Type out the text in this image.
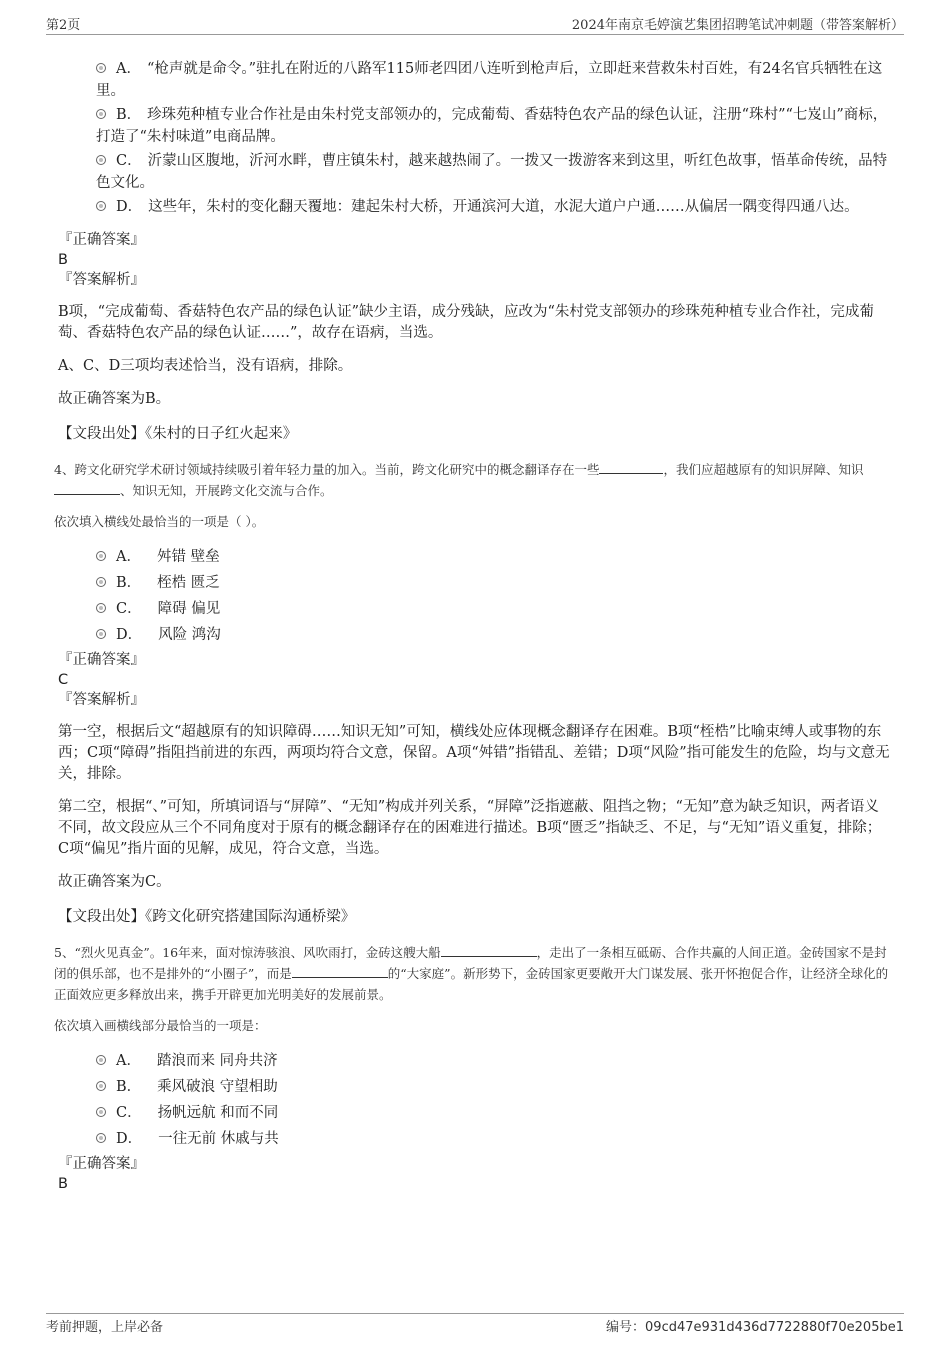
第2页	2024年南京毛婷演艺集团招聘笔试冲刺题（带答案解析）
A． “枪声就是命令。”驻扎在附近的八路军115师老四团八连听到枪声后，立即赶来营救朱村百姓，有24名官兵牺牲在这里。
B． 珍珠苑种植专业合作社是由朱村党支部领办的，完成葡萄、香菇特色农产品的绿色认证，注册“珠村”“七岌山”商标，打造了“朱村味道”电商品牌。
C． 沂蒙山区腹地，沂河水畔，曹庄镇朱村，越来越热闹了。一拨又一拨游客来到这里，听红色故事，悟革命传统，品特色文化。
D． 这些年，朱村的变化翻天覆地：建起朱村大桥，开通滨河大道，水泥大道户户通……从偏居一隅变得四通八达。
『正确答案』
B
『答案解析』
B项，“完成葡萄、香菇特色农产品的绿色认证”缺少主语，成分残缺，应改为“朱村党支部领办的珍珠苑种植专业合作社，完成葡萄、香菇特色农产品的绿色认证……”，故存在语病，当选。
A、C、D三项均表述恰当，没有语病，排除。
故正确答案为B。
【文段出处】《朱村的日子红火起来》
4、跨文化研究学术研讨领域持续吸引着年轻力量的加入。当前，跨文化研究中的概念翻译存在一些	，我们应超越原有的知识屏障、知识、知识无知，开展跨文化交流与合作。
依次填入横线处最恰当的一项是（ ）。
A． 舛错 壁垒
B． 桎梏 匮乏
C． 障碍 偏见
D． 风险 鸿沟
『正确答案』
C
『答案解析』
第一空，根据后文“超越原有的知识障碍……知识无知”可知，横线处应体现概念翻译存在困难。B项“桎梏”比喻束缚人或事物的东西；C项“障碍”指阻挡前进的东西，两项均符合文意，保留。A项“舛错”指错乱、差错；D项“风险”指可能发生的危险，均与文意无关，排除。
第二空，根据“、”可知，所填词语与“屏障”、“无知”构成并列关系，“屏障”泛指遮蔽、阻挡之物；“无知”意为缺乏知识，两者语义不同，故文段应从三个不同角度对于原有的概念翻译存在的困难进行描述。B项“匮乏”指缺乏、不足，与“无知”语义重复，排除；C项“偏见”指片面的见解，成见，符合文意，当选。
故正确答案为C。
【文段出处】《跨文化研究搭建国际沟通桥梁》
5、“烈火见真金”。16年来，面对惊涛骇浪、风吹雨打，金砖这艘大船	，走出了一条相互砥砺、合作共赢的人间正道。金砖国家不是封闭的俱乐部，也不是排外的“小圈子”，而是	的“大家庭”。新形势下，金砖国家更要敞开大门谋发展、张开怀抱促合作，让经济全球化的正面效应更多释放出来，携手开辟更加光明美好的发展前景。
依次填入画横线部分最恰当的一项是：
A． 踏浪而来 同舟共济
B． 乘风破浪 守望相助
C． 扬帆远航 和而不同
D． 一往无前 休戚与共
『正确答案』
B
考前押题，上岸必备	编号：09cd47e931d436d7722880f70e205be1
